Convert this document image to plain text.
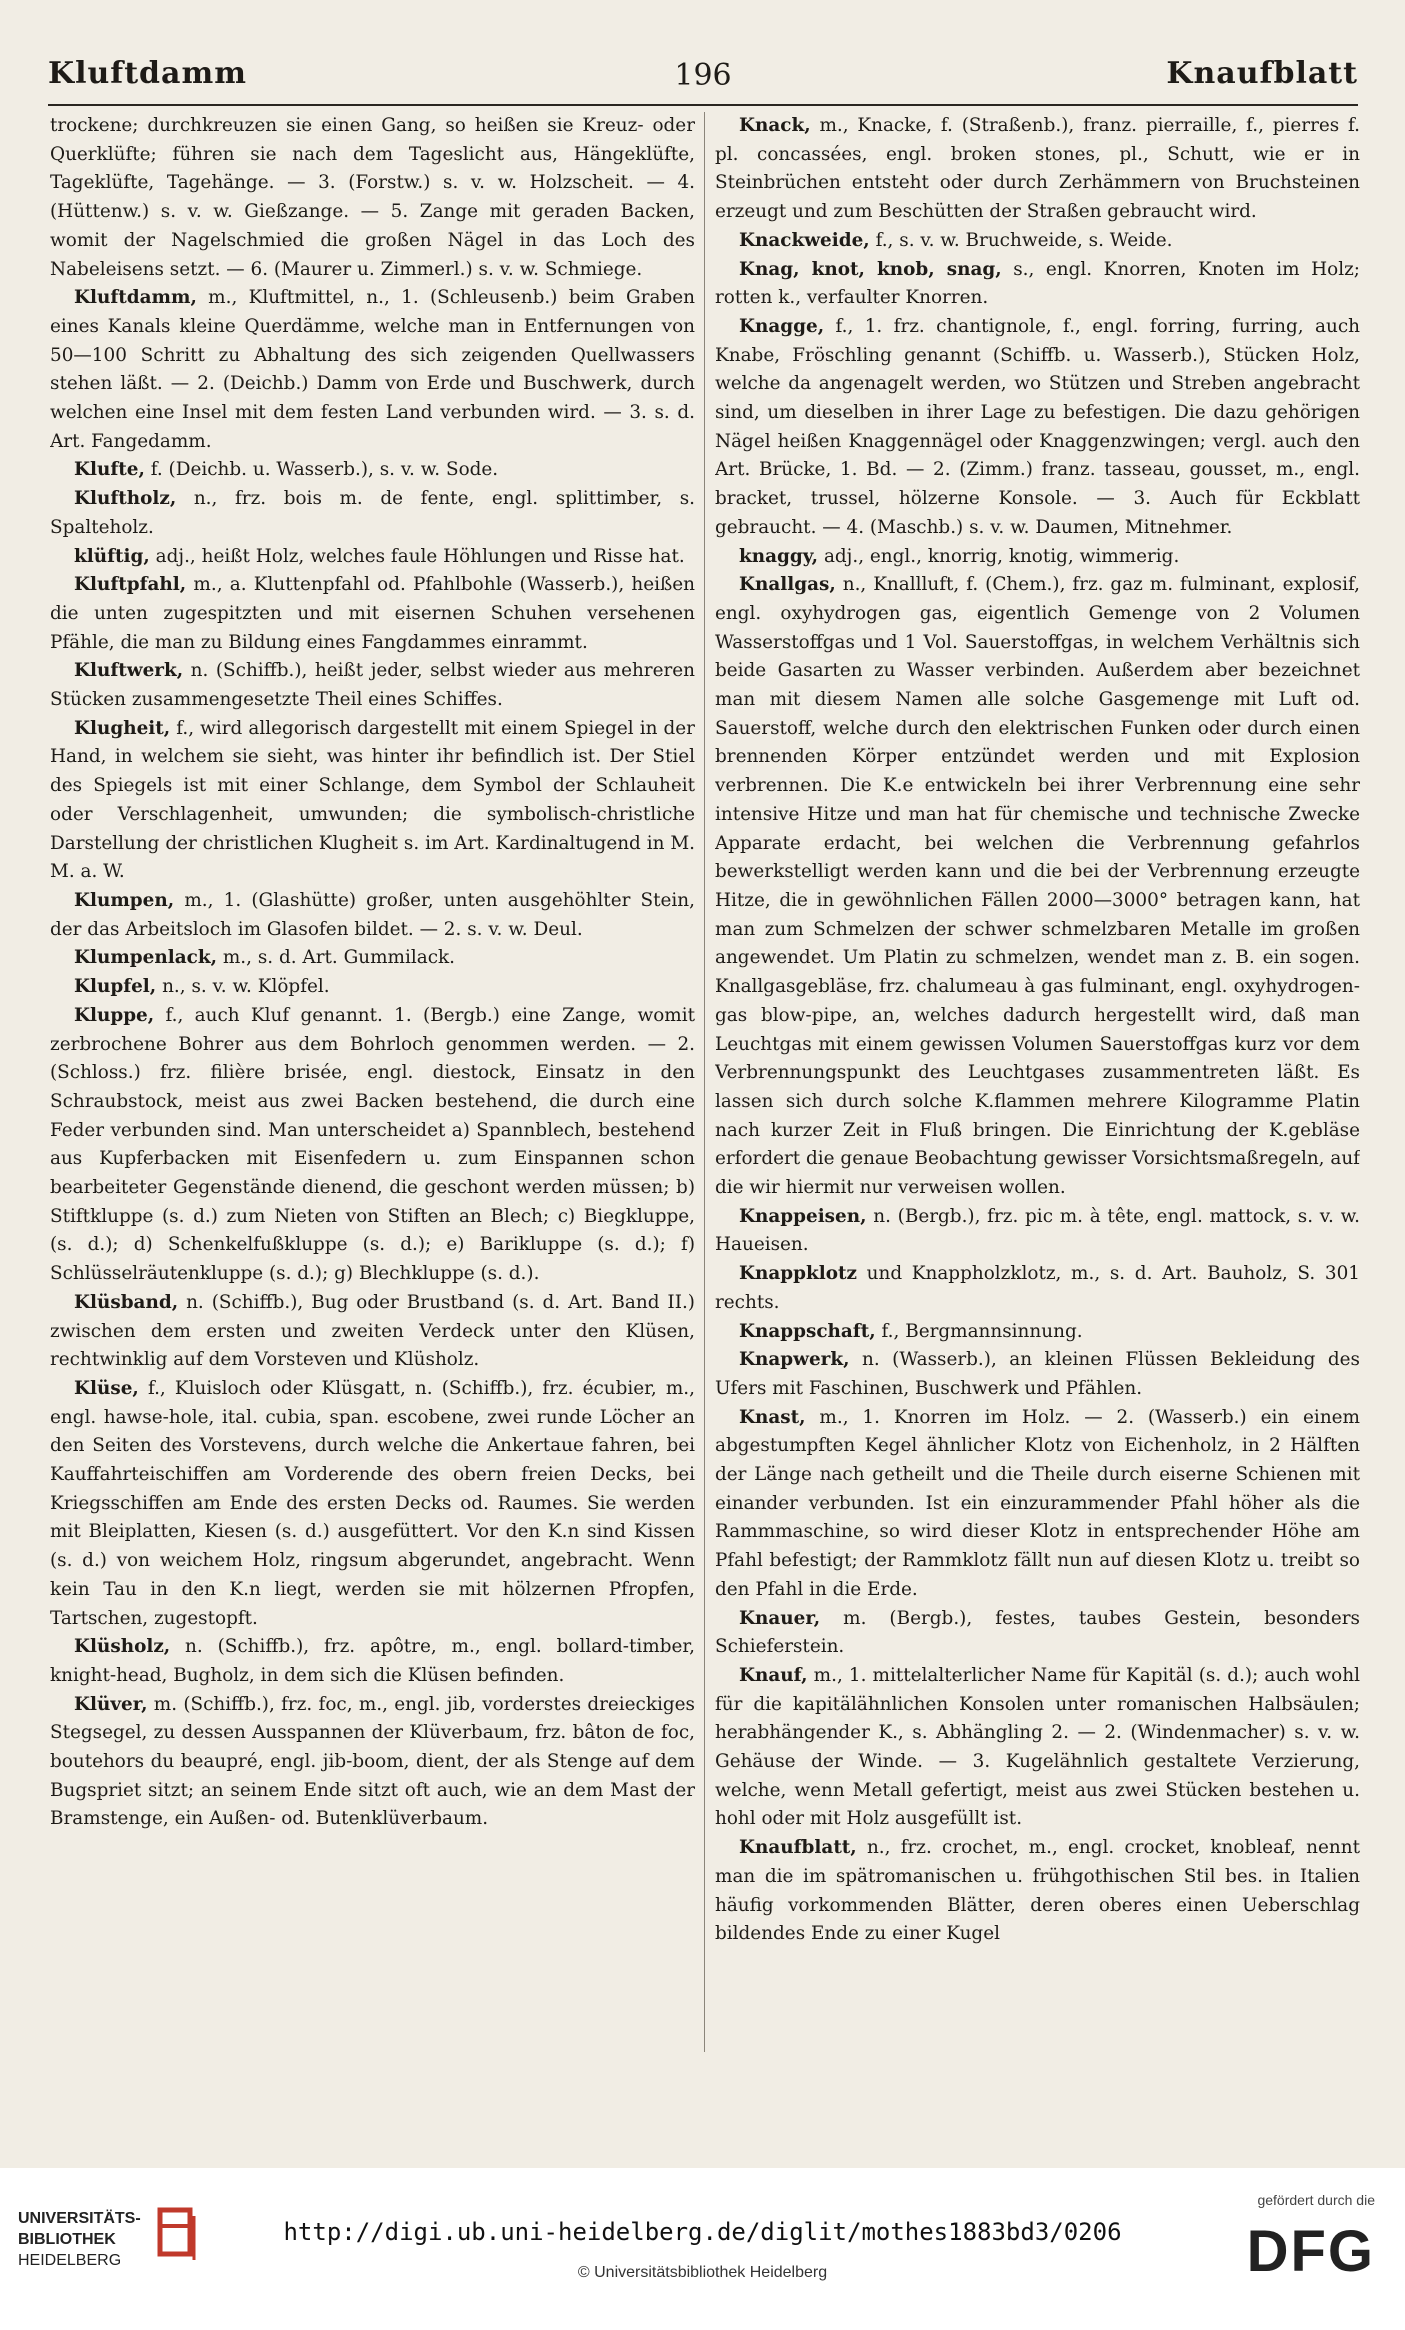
Kluftdamm	196	Knaufblatt

trockene; durchkreuzen sie einen Gang, so heißen sie Kreuz- oder Querklüfte; führen sie nach dem Tageslicht aus, Hängeklüfte, Tageklüfte, Tagehänge. — 3. (Forstw.) s. v. w. Holzscheit. — 4. (Hüttenw.) s. v. w. Gießzange. — 5. Zange mit geraden Backen, womit der Nagelschmied die großen Nägel in das Loch des Nabeleisens setzt. — 6. (Maurer u. Zimmerl.) s. v. w. Schmiege.

Kluftdamm, m., Kluftmittel, n., 1. (Schleusenb.) beim Graben eines Kanals kleine Querdämme, welche man in Entfernungen von 50—100 Schritt zu Abhaltung des sich zeigenden Quellwassers stehen läßt. — 2. (Deichb.) Damm von Erde und Buschwerk, durch welchen eine Insel mit dem festen Land verbunden wird. — 3. s. d. Art. Fangedamm.

Klufte, f. (Deichb. u. Wasserb.), s. v. w. Sode.

Kluftholz, n., frz. bois m. de fente, engl. splittimber, s. Spalteholz.

klüftig, adj., heißt Holz, welches faule Höhlungen und Risse hat.

Kluftpfahl, m., a. Kluttenpfahl od. Pfahlbohle (Wasserb.), heißen die unten zugespitzten und mit eisernen Schuhen versehenen Pfähle, die man zu Bildung eines Fangdammes einrammt.

Kluftwerk, n. (Schiffb.), heißt jeder, selbst wieder aus mehreren Stücken zusammengesetzte Theil eines Schiffes.

Klugheit, f., wird allegorisch dargestellt mit einem Spiegel in der Hand, in welchem sie sieht, was hinter ihr befindlich ist. Der Stiel des Spiegels ist mit einer Schlange, dem Symbol der Schlauheit oder Verschlagenheit, umwunden; die symbolisch-christliche Darstellung der christlichen Klugheit s. im Art. Kardinaltugend in M. M. a. W.

Klumpen, m., 1. (Glashütte) großer, unten ausgehöhlter Stein, der das Arbeitsloch im Glasofen bildet. — 2. s. v. w. Deul.

Klumpenlack, m., s. d. Art. Gummilack.

Klupfel, n., s. v. w. Klöpfel.

Kluppe, f., auch Kluf genannt. 1. (Bergb.) eine Zange, womit zerbrochene Bohrer aus dem Bohrloch genommen werden. — 2. (Schloss.) frz. filière brisée, engl. diestock, Einsatz in den Schraubstock, meist aus zwei Backen bestehend, die durch eine Feder verbunden sind. Man unterscheidet a) Spannblech, bestehend aus Kupferbacken mit Eisenfedern u. zum Einspannen schon bearbeiteter Gegenstände dienend, die geschont werden müssen; b) Stiftkluppe (s. d.) zum Nieten von Stiften an Blech; c) Biegkluppe, (s. d.); d) Schenkelfußkluppe (s. d.); e) Barikluppe (s. d.); f) Schlüsselräutenkluppe (s. d.); g) Blechkluppe (s. d.).

Klüsband, n. (Schiffb.), Bug oder Brustband (s. d. Art. Band II.) zwischen dem ersten und zweiten Verdeck unter den Klüsen, rechtwinklig auf dem Vorsteven und Klüsholz.

Klüse, f., Kluisloch oder Klüsgatt, n. (Schiffb.), frz. écubier, m., engl. hawse-hole, ital. cubia, span. escobene, zwei runde Löcher an den Seiten des Vorstevens, durch welche die Ankertaue fahren, bei Kauffahrteischiffen am Vorderende des obern freien Decks, bei Kriegsschiffen am Ende des ersten Decks od. Raumes. Sie werden mit Bleiplatten, Kiesen (s. d.) ausgefüttert. Vor den K.n sind Kissen (s. d.) von weichem Holz, ringsum abgerundet, angebracht. Wenn kein Tau in den K.n liegt, werden sie mit hölzernen Pfropfen, Tartschen, zugestopft.

Klüsholz, n. (Schiffb.), frz. apôtre, m., engl. bollard-timber, knight-head, Bugholz, in dem sich die Klüsen befinden.

Klüver, m. (Schiffb.), frz. foc, m., engl. jib, vorderstes dreieckiges Stegsegel, zu dessen Ausspannen der Klüverbaum, frz. bâton de foc, boutehors du beaupré, engl. jib-boom, dient, der als Stenge auf dem Bugspriet sitzt; an seinem Ende sitzt oft auch, wie an dem Mast der Bramstenge, ein Außen- od. Butenklüverbaum.

Knack, m., Knacke, f. (Straßenb.), franz. pierraille, f., pierres f. pl. concassées, engl. broken stones, pl., Schutt, wie er in Steinbrüchen entsteht oder durch Zerhämmern von Bruchsteinen erzeugt und zum Beschütten der Straßen gebraucht wird.

Knackweide, f., s. v. w. Bruchweide, s. Weide.

Knag, knot, knob, snag, s., engl. Knorren, Knoten im Holz; rotten k., verfaulter Knorren.

Knagge, f., 1. frz. chantignole, f., engl. forring, furring, auch Knabe, Fröschling genannt (Schiffb. u. Wasserb.), Stücken Holz, welche da angenagelt werden, wo Stützen und Streben angebracht sind, um dieselben in ihrer Lage zu befestigen. Die dazu gehörigen Nägel heißen Knaggennägel oder Knaggenzwingen; vergl. auch den Art. Brücke, 1. Bd. — 2. (Zimm.) franz. tasseau, gousset, m., engl. bracket, trussel, hölzerne Konsole. — 3. Auch für Eckblatt gebraucht. — 4. (Maschb.) s. v. w. Daumen, Mitnehmer.

knaggy, adj., engl., knorrig, knotig, wimmerig.

Knallgas, n., Knallluft, f. (Chem.), frz. gaz m. fulminant, explosif, engl. oxyhydrogen gas, eigentlich Gemenge von 2 Volumen Wasserstoffgas und 1 Vol. Sauerstoffgas, in welchem Verhältnis sich beide Gasarten zu Wasser verbinden. Außerdem aber bezeichnet man mit diesem Namen alle solche Gasgemenge mit Luft od. Sauerstoff, welche durch den elektrischen Funken oder durch einen brennenden Körper entzündet werden und mit Explosion verbrennen. Die K.e entwickeln bei ihrer Verbrennung eine sehr intensive Hitze und man hat für chemische und technische Zwecke Apparate erdacht, bei welchen die Verbrennung gefahrlos bewerkstelligt werden kann und die bei der Verbrennung erzeugte Hitze, die in gewöhnlichen Fällen 2000—3000° betragen kann, hat man zum Schmelzen der schwer schmelzbaren Metalle im großen angewendet. Um Platin zu schmelzen, wendet man z. B. ein sogen. Knallgasgebläse, frz. chalumeau à gas fulminant, engl. oxyhydrogen-gas blow-pipe, an, welches dadurch hergestellt wird, daß man Leuchtgas mit einem gewissen Volumen Sauerstoffgas kurz vor dem Verbrennungspunkt des Leuchtgases zusammentreten läßt. Es lassen sich durch solche K.flammen mehrere Kilogramme Platin nach kurzer Zeit in Fluß bringen. Die Einrichtung der K.gebläse erfordert die genaue Beobachtung gewisser Vorsichtsmaßregeln, auf die wir hiermit nur verweisen wollen.

Knappeisen, n. (Bergb.), frz. pic m. à tête, engl. mattock, s. v. w. Haueisen.

Knappklotz und Knappholzklotz, m., s. d. Art. Bauholz, S. 301 rechts.

Knappschaft, f., Bergmannsinnung.

Knapwerk, n. (Wasserb.), an kleinen Flüssen Bekleidung des Ufers mit Faschinen, Buschwerk und Pfählen.

Knast, m., 1. Knorren im Holz. — 2. (Wasserb.) ein einem abgestumpften Kegel ähnlicher Klotz von Eichenholz, in 2 Hälften der Länge nach getheilt und die Theile durch eiserne Schienen mit einander verbunden. Ist ein einzurammender Pfahl höher als die Rammmaschine, so wird dieser Klotz in entsprechender Höhe am Pfahl befestigt; der Rammklotz fällt nun auf diesen Klotz u. treibt so den Pfahl in die Erde.

Knauer, m. (Bergb.), festes, taubes Gestein, besonders Schieferstein.

Knauf, m., 1. mittelalterlicher Name für Kapitäl (s. d.); auch wohl für die kapitälähnlichen Konsolen unter romanischen Halbsäulen; herabhängender K., s. Abhängling 2. — 2. (Windenmacher) s. v. w. Gehäuse der Winde. — 3. Kugelähnlich gestaltete Verzierung, welche, wenn Metall gefertigt, meist aus zwei Stücken bestehen u. hohl oder mit Holz ausgefüllt ist.

Knaufblatt, n., frz. crochet, m., engl. crocket, knobleaf, nennt man die im spätromanischen u. frühgothischen Stil bes. in Italien häufig vorkommenden Blätter, deren oberes einen Ueberschlag bildendes Ende zu einer Kugel

UNIVERSITÄTS-
BIBLIOTHEK
HEIDELBERG
http://digi.ub.uni-heidelberg.de/diglit/mothes1883bd3/0206
© Universitätsbibliothek Heidelberg
gefördert durch die
DFG
